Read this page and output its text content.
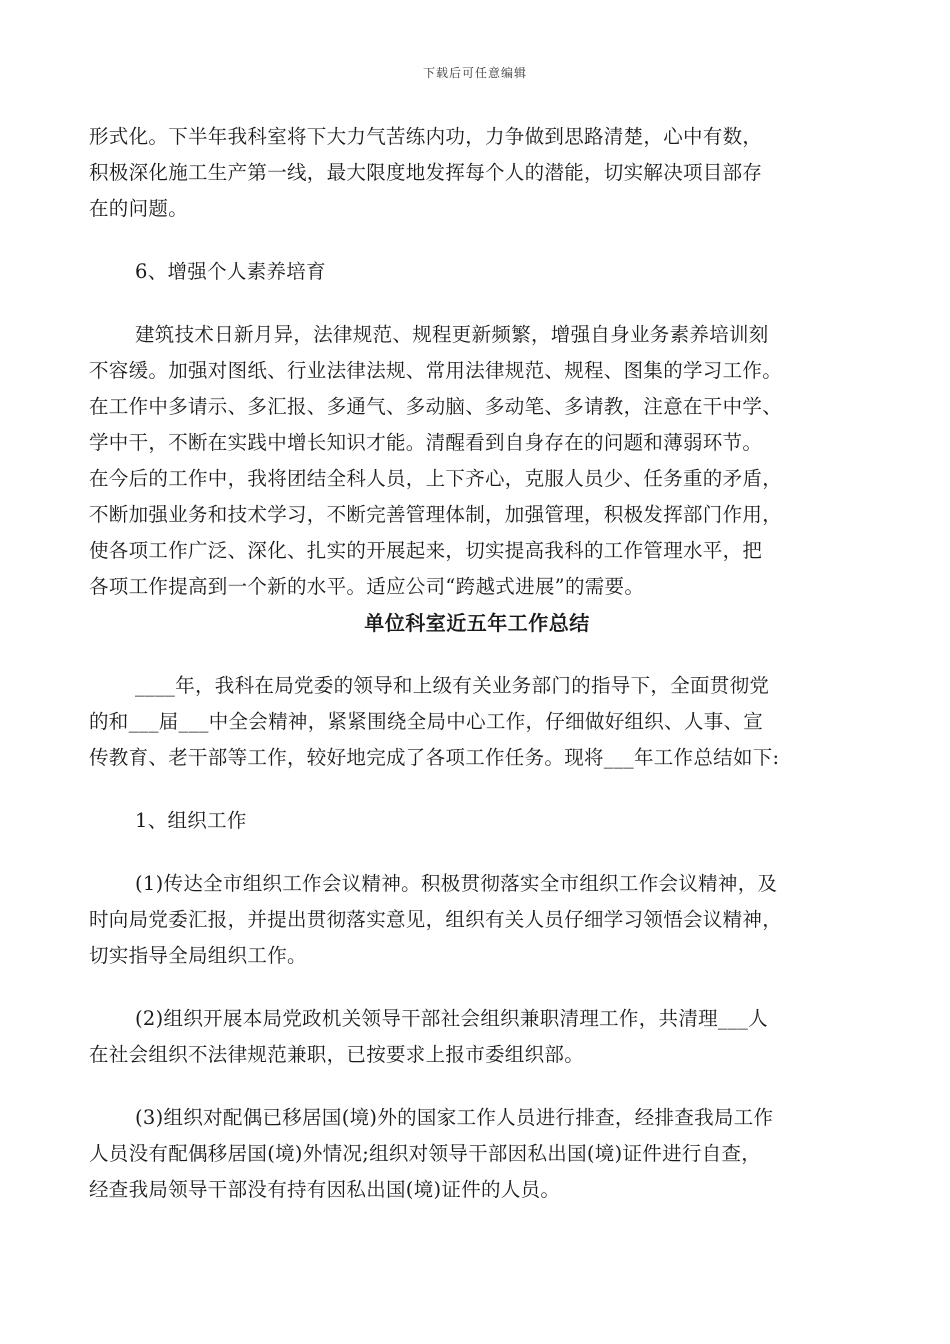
下载后可任意编辑

形式化。下半年我科室将下大力气苦练内功，力争做到思路清楚，心中有数，
积极深化施工生产第一线，最大限度地发挥每个人的潜能，切实解决项目部存
在的问题。

6、增强个人素养培育

建筑技术日新月异，法律规范、规程更新频繁，增强自身业务素养培训刻
不容缓。加强对图纸、行业法律法规、常用法律规范、规程、图集的学习工作。
在工作中多请示、多汇报、多通气、多动脑、多动笔、多请教，注意在干中学、
学中干，不断在实践中增长知识才能。清醒看到自身存在的问题和薄弱环节。
在今后的工作中，我将团结全科人员，上下齐心，克服人员少、任务重的矛盾，
不断加强业务和技术学习，不断完善管理体制，加强管理，积极发挥部门作用，
使各项工作广泛、深化、扎实的开展起来，切实提高我科的工作管理水平，把
各项工作提高到一个新的水平。适应公司“跨越式进展”的需要。

单位科室近五年工作总结

____年，我科在局党委的领导和上级有关业务部门的指导下，全面贯彻党
的和___届___中全会精神，紧紧围绕全局中心工作，仔细做好组织、人事、宣
传教育、老干部等工作，较好地完成了各项工作任务。现将___年工作总结如下:

1、组织工作

(1)传达全市组织工作会议精神。积极贯彻落实全市组织工作会议精神，及
时向局党委汇报，并提出贯彻落实意见，组织有关人员仔细学习领悟会议精神，
切实指导全局组织工作。

(2)组织开展本局党政机关领导干部社会组织兼职清理工作，共清理___人
在社会组织不法律规范兼职，已按要求上报市委组织部。

(3)组织对配偶已移居国(境)外的国家工作人员进行排查，经排查我局工作
人员没有配偶移居国(境)外情况;组织对领导干部因私出国(境)证件进行自查，
经查我局领导干部没有持有因私出国(境)证件的人员。
